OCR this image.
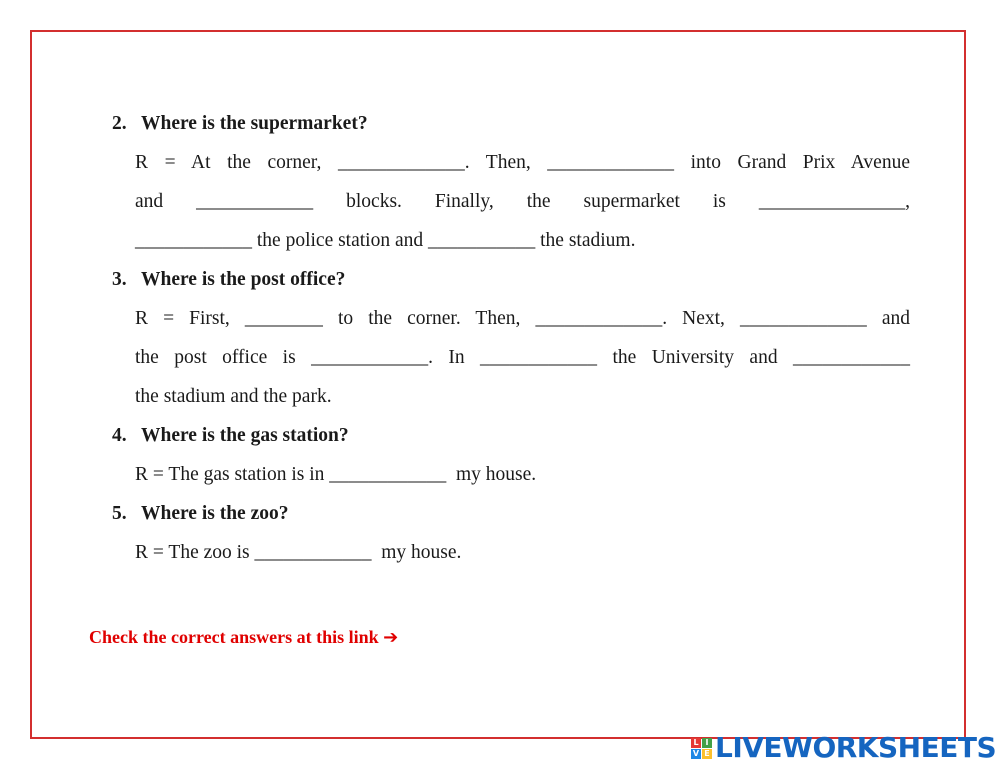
2. Where is the supermarket?
R = At the corner, _____________. Then, _____________ into Grand Prix Avenue
and ____________ blocks. Finally, the supermarket is _______________,
____________ the police station and ___________ the stadium.
3. Where is the post office?
R = First, ________ to the corner. Then, _____________. Next, _____________ and
the post office is ____________. In ____________ the University and ____________
the stadium and the park.
4. Where is the gas station?
R = The gas station is in ____________  my house.
5. Where is the zoo?
R = The zoo is ____________  my house.
Check the correct answers at this link ➔
L I
V E LIVEWORKSHEETS
